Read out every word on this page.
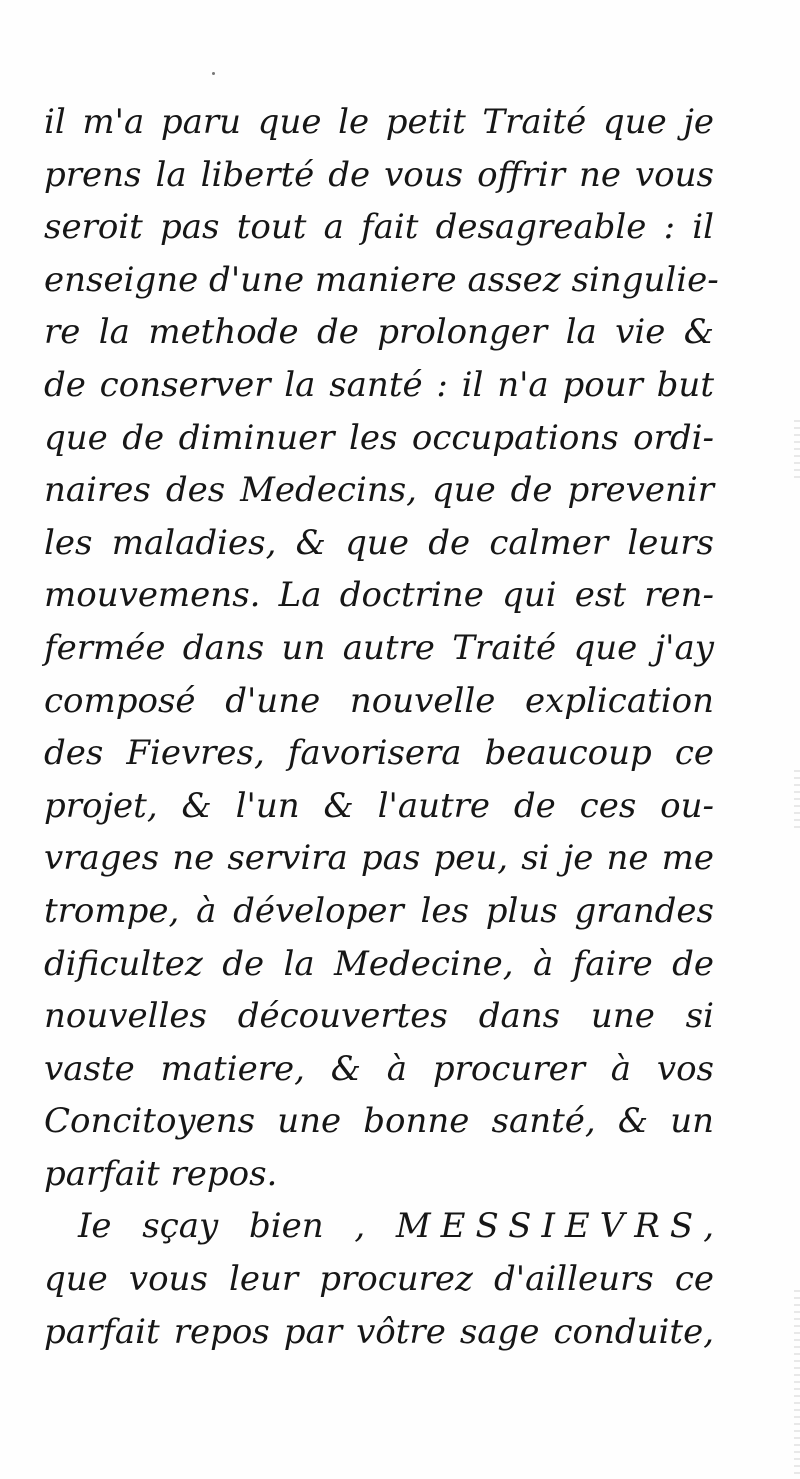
il m'a paru que le petit Traité que je
prens la liberté de vous offrir ne vous
seroit pas tout a fait desagreable : il
enseigne d'une maniere assez singulie-
re la methode de prolonger la vie &
de conserver la santé : il n'a pour but
que de diminuer les occupations ordi-
naires des Medecins, que de prevenir
les maladies, & que de calmer leurs
mouvemens. La doctrine qui est ren-
fermée dans un autre Traité que j'ay
composé d'une nouvelle explication
des Fievres, favorisera beaucoup ce
projet, & l'un & l'autre de ces ou-
vrages ne servira pas peu, si je ne me
trompe, à déveloper les plus grandes
dificultez de la Medecine, à faire de
nouvelles découvertes dans une si
vaste matiere, & à procurer à vos
Concitoyens une bonne santé, & un
parfait repos.
Ie sçay bien , MESSIEVRS,
que vous leur procurez d'ailleurs ce
parfait repos par vôtre sage conduite,
